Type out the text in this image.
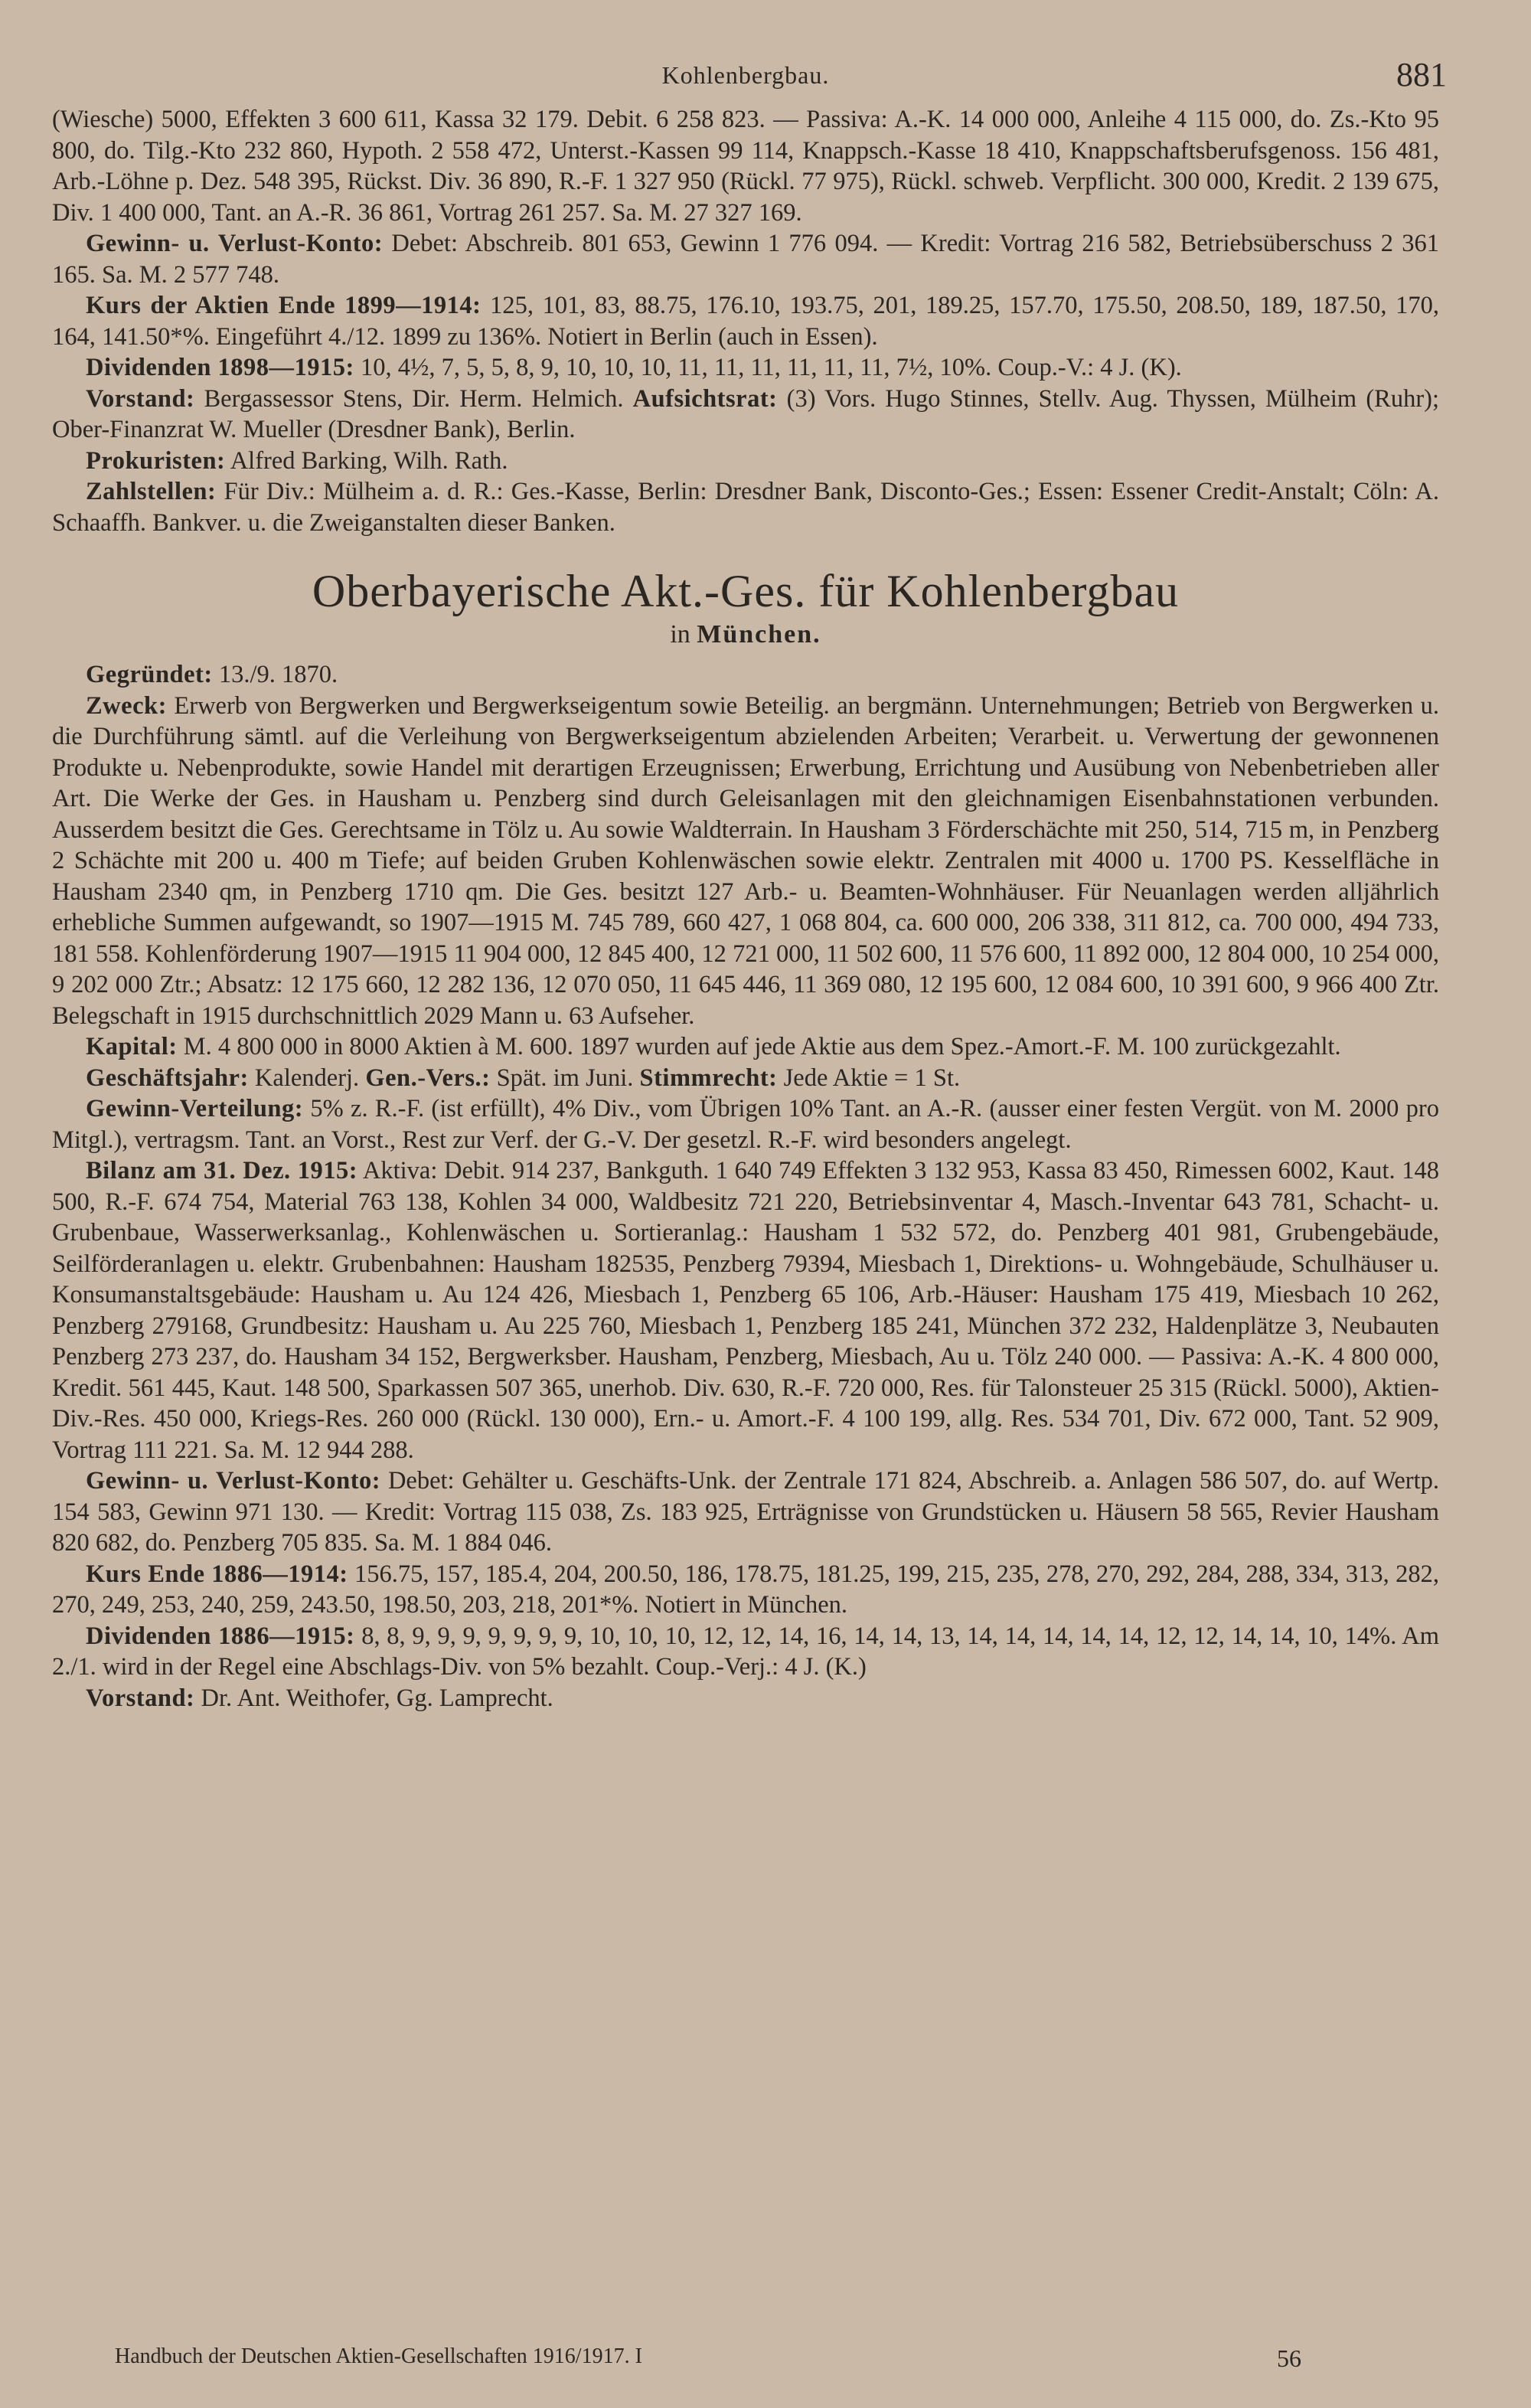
Kohlenbergbau.	881

(Wiesche) 5000, Effekten 3 600 611, Kassa 32 179. Debit. 6 258 823. — Passiva: A.-K. 14 000 000, Anleihe 4 115 000, do. Zs.-Kto 95 800, do. Tilg.-Kto 232 860, Hypoth. 2 558 472, Unterst.-Kassen 99 114, Knappsch.-Kasse 18 410, Knappschaftsberufsgenoss. 156 481, Arb.-Löhne p. Dez. 548 395, Rückst. Div. 36 890, R.-F. 1 327 950 (Rückl. 77 975), Rückl. schweb. Verpflicht. 300 000, Kredit. 2 139 675, Div. 1 400 000, Tant. an A.-R. 36 861, Vortrag 261 257. Sa. M. 27 327 169.

Gewinn- u. Verlust-Konto: Debet: Abschreib. 801 653, Gewinn 1 776 094. — Kredit: Vortrag 216 582, Betriebsüberschuss 2 361 165. Sa. M. 2 577 748.

Kurs der Aktien Ende 1899—1914: 125, 101, 83, 88.75, 176.10, 193.75, 201, 189.25, 157.70, 175.50, 208.50, 189, 187.50, 170, 164, 141.50*%. Eingeführt 4./12. 1899 zu 136%. Notiert in Berlin (auch in Essen).

Dividenden 1898—1915: 10, 4½, 7, 5, 5, 8, 9, 10, 10, 10, 11, 11, 11, 11, 11, 11, 7½, 10%. Coup.-V.: 4 J. (K).

Vorstand: Bergassessor Stens, Dir. Herm. Helmich. Aufsichtsrat: (3) Vors. Hugo Stinnes, Stellv. Aug. Thyssen, Mülheim (Ruhr); Ober-Finanzrat W. Mueller (Dresdner Bank), Berlin.

Prokuristen: Alfred Barking, Wilh. Rath.

Zahlstellen: Für Div.: Mülheim a. d. R.: Ges.-Kasse, Berlin: Dresdner Bank, Disconto-Ges.; Essen: Essener Credit-Anstalt; Cöln: A. Schaaffh. Bankver. u. die Zweiganstalten dieser Banken.

Oberbayerische Akt.-Ges. für Kohlenbergbau
in München.

Gegründet: 13./9. 1870.

Zweck: Erwerb von Bergwerken und Bergwerkseigentum sowie Beteilig. an bergmänn. Unternehmungen; Betrieb von Bergwerken u. die Durchführung sämtl. auf die Verleihung von Bergwerkseigentum abzielenden Arbeiten; Verarbeit. u. Verwertung der gewonnenen Produkte u. Nebenprodukte, sowie Handel mit derartigen Erzeugnissen; Erwerbung, Errichtung und Ausübung von Nebenbetrieben aller Art. Die Werke der Ges. in Hausham u. Penzberg sind durch Geleisanlagen mit den gleichnamigen Eisenbahnstationen verbunden. Ausserdem besitzt die Ges. Gerechtsame in Tölz u. Au sowie Waldterrain. In Hausham 3 Förderschächte mit 250, 514, 715 m, in Penzberg 2 Schächte mit 200 u. 400 m Tiefe; auf beiden Gruben Kohlenwäschen sowie elektr. Zentralen mit 4000 u. 1700 PS. Kesselfläche in Hausham 2340 qm, in Penzberg 1710 qm. Die Ges. besitzt 127 Arb.- u. Beamten-Wohnhäuser. Für Neuanlagen werden alljährlich erhebliche Summen aufgewandt, so 1907—1915 M. 745 789, 660 427, 1 068 804, ca. 600 000, 206 338, 311 812, ca. 700 000, 494 733, 181 558. Kohlenförderung 1907—1915 11 904 000, 12 845 400, 12 721 000, 11 502 600, 11 576 600, 11 892 000, 12 804 000, 10 254 000, 9 202 000 Ztr.; Absatz: 12 175 660, 12 282 136, 12 070 050, 11 645 446, 11 369 080, 12 195 600, 12 084 600, 10 391 600, 9 966 400 Ztr. Belegschaft in 1915 durchschnittlich 2029 Mann u. 63 Aufseher.

Kapital: M. 4 800 000 in 8000 Aktien à M. 600. 1897 wurden auf jede Aktie aus dem Spez.-Amort.-F. M. 100 zurückgezahlt.

Geschäftsjahr: Kalenderj. Gen.-Vers.: Spät. im Juni. Stimmrecht: Jede Aktie = 1 St.

Gewinn-Verteilung: 5% z. R.-F. (ist erfüllt), 4% Div., vom Übrigen 10% Tant. an A.-R. (ausser einer festen Vergüt. von M. 2000 pro Mitgl.), vertragsm. Tant. an Vorst., Rest zur Verf. der G.-V. Der gesetzl. R.-F. wird besonders angelegt.

Bilanz am 31. Dez. 1915: Aktiva: Debit. 914 237, Bankguth. 1 640 749 Effekten 3 132 953, Kassa 83 450, Rimessen 6002, Kaut. 148 500, R.-F. 674 754, Material 763 138, Kohlen 34 000, Waldbesitz 721 220, Betriebsinventar 4, Masch.-Inventar 643 781, Schacht- u. Grubenbaue, Wasserwerksanlag., Kohlenwäschen u. Sortieranlag.: Hausham 1 532 572, do. Penzberg 401 981, Grubengebäude, Seilförderanlagen u. elektr. Grubenbahnen: Hausham 182535, Penzberg 79394, Miesbach 1, Direktions- u. Wohngebäude, Schulhäuser u. Konsumanstaltsgebäude: Hausham u. Au 124 426, Miesbach 1, Penzberg 65 106, Arb.-Häuser: Hausham 175 419, Miesbach 10 262, Penzberg 279168, Grundbesitz: Hausham u. Au 225 760, Miesbach 1, Penzberg 185 241, München 372 232, Haldenplätze 3, Neubauten Penzberg 273 237, do. Hausham 34 152, Bergwerksber. Hausham, Penzberg, Miesbach, Au u. Tölz 240 000. — Passiva: A.-K. 4 800 000, Kredit. 561 445, Kaut. 148 500, Sparkassen 507 365, unerhob. Div. 630, R.-F. 720 000, Res. für Talonsteuer 25 315 (Rückl. 5000), Aktien-Div.-Res. 450 000, Kriegs-Res. 260 000 (Rückl. 130 000), Ern.- u. Amort.-F. 4 100 199, allg. Res. 534 701, Div. 672 000, Tant. 52 909, Vortrag 111 221. Sa. M. 12 944 288.

Gewinn- u. Verlust-Konto: Debet: Gehälter u. Geschäfts-Unk. der Zentrale 171 824, Abschreib. a. Anlagen 586 507, do. auf Wertp. 154 583, Gewinn 971 130. — Kredit: Vortrag 115 038, Zs. 183 925, Erträgnisse von Grundstücken u. Häusern 58 565, Revier Hausham 820 682, do. Penzberg 705 835. Sa. M. 1 884 046.

Kurs Ende 1886—1914: 156.75, 157, 185.4, 204, 200.50, 186, 178.75, 181.25, 199, 215, 235, 278, 270, 292, 284, 288, 334, 313, 282, 270, 249, 253, 240, 259, 243.50, 198.50, 203, 218, 201*%. Notiert in München.

Dividenden 1886—1915: 8, 8, 9, 9, 9, 9, 9, 9, 9, 10, 10, 10, 12, 12, 14, 16, 14, 14, 13, 14, 14, 14, 14, 14, 12, 12, 14, 14, 10, 14%. Am 2./1. wird in der Regel eine Abschlags-Div. von 5% bezahlt. Coup.-Verj.: 4 J. (K.)

Vorstand: Dr. Ant. Weithofer, Gg. Lamprecht.

Handbuch der Deutschen Aktien-Gesellschaften 1916/1917. I	56
